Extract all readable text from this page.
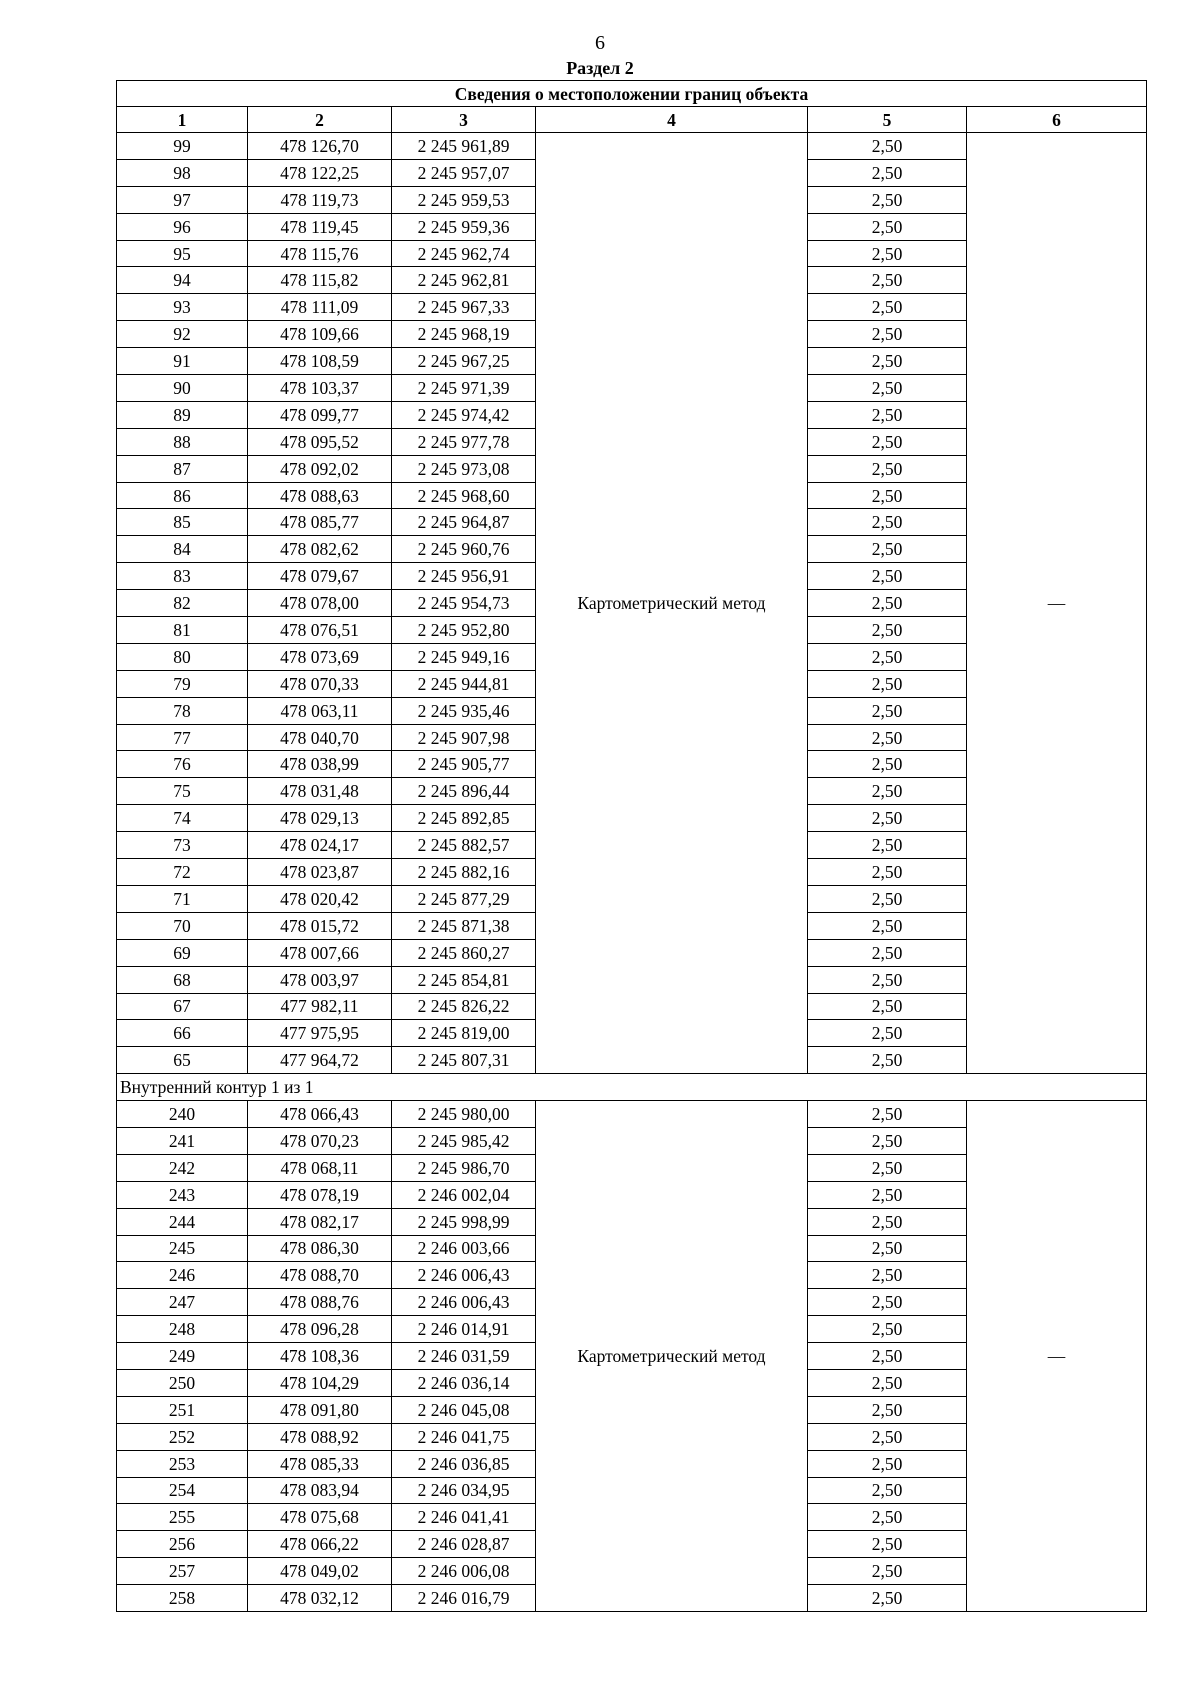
6
Раздел 2
Сведения о местоположении границ объекта					
1	2	3	4	5	6
99	478 126,70	2 245 961,89	Картометрический метод	2,50	—
98	478 122,25	2 245 957,07		2,50	
97	478 119,73	2 245 959,53		2,50	
96	478 119,45	2 245 959,36		2,50	
95	478 115,76	2 245 962,74		2,50	
94	478 115,82	2 245 962,81		2,50	
93	478 111,09	2 245 967,33		2,50	
92	478 109,66	2 245 968,19		2,50	
91	478 108,59	2 245 967,25		2,50	
90	478 103,37	2 245 971,39		2,50	
89	478 099,77	2 245 974,42		2,50	
88	478 095,52	2 245 977,78		2,50	
87	478 092,02	2 245 973,08		2,50	
86	478 088,63	2 245 968,60		2,50	
85	478 085,77	2 245 964,87		2,50	
84	478 082,62	2 245 960,76		2,50	
83	478 079,67	2 245 956,91		2,50	
82	478 078,00	2 245 954,73		2,50	
81	478 076,51	2 245 952,80		2,50	
80	478 073,69	2 245 949,16		2,50	
79	478 070,33	2 245 944,81		2,50	
78	478 063,11	2 245 935,46		2,50	
77	478 040,70	2 245 907,98		2,50	
76	478 038,99	2 245 905,77		2,50	
75	478 031,48	2 245 896,44		2,50	
74	478 029,13	2 245 892,85		2,50	
73	478 024,17	2 245 882,57		2,50	
72	478 023,87	2 245 882,16		2,50	
71	478 020,42	2 245 877,29		2,50	
70	478 015,72	2 245 871,38		2,50	
69	478 007,66	2 245 860,27		2,50	
68	478 003,97	2 245 854,81		2,50	
67	477 982,11	2 245 826,22		2,50	
66	477 975,95	2 245 819,00		2,50	
65	477 964,72	2 245 807,31		2,50	
Внутренний контур 1 из 1					
240	478 066,43	2 245 980,00	Картометрический метод	2,50	—
241	478 070,23	2 245 985,42		2,50	
242	478 068,11	2 245 986,70		2,50	
243	478 078,19	2 246 002,04		2,50	
244	478 082,17	2 245 998,99		2,50	
245	478 086,30	2 246 003,66		2,50	
246	478 088,70	2 246 006,43		2,50	
247	478 088,76	2 246 006,43		2,50	
248	478 096,28	2 246 014,91		2,50	
249	478 108,36	2 246 031,59		2,50	
250	478 104,29	2 246 036,14		2,50	
251	478 091,80	2 246 045,08		2,50	
252	478 088,92	2 246 041,75		2,50	
253	478 085,33	2 246 036,85		2,50	
254	478 083,94	2 246 034,95		2,50	
255	478 075,68	2 246 041,41		2,50	
256	478 066,22	2 246 028,87		2,50	
257	478 049,02	2 246 006,08		2,50	
258	478 032,12	2 246 016,79		2,50	
